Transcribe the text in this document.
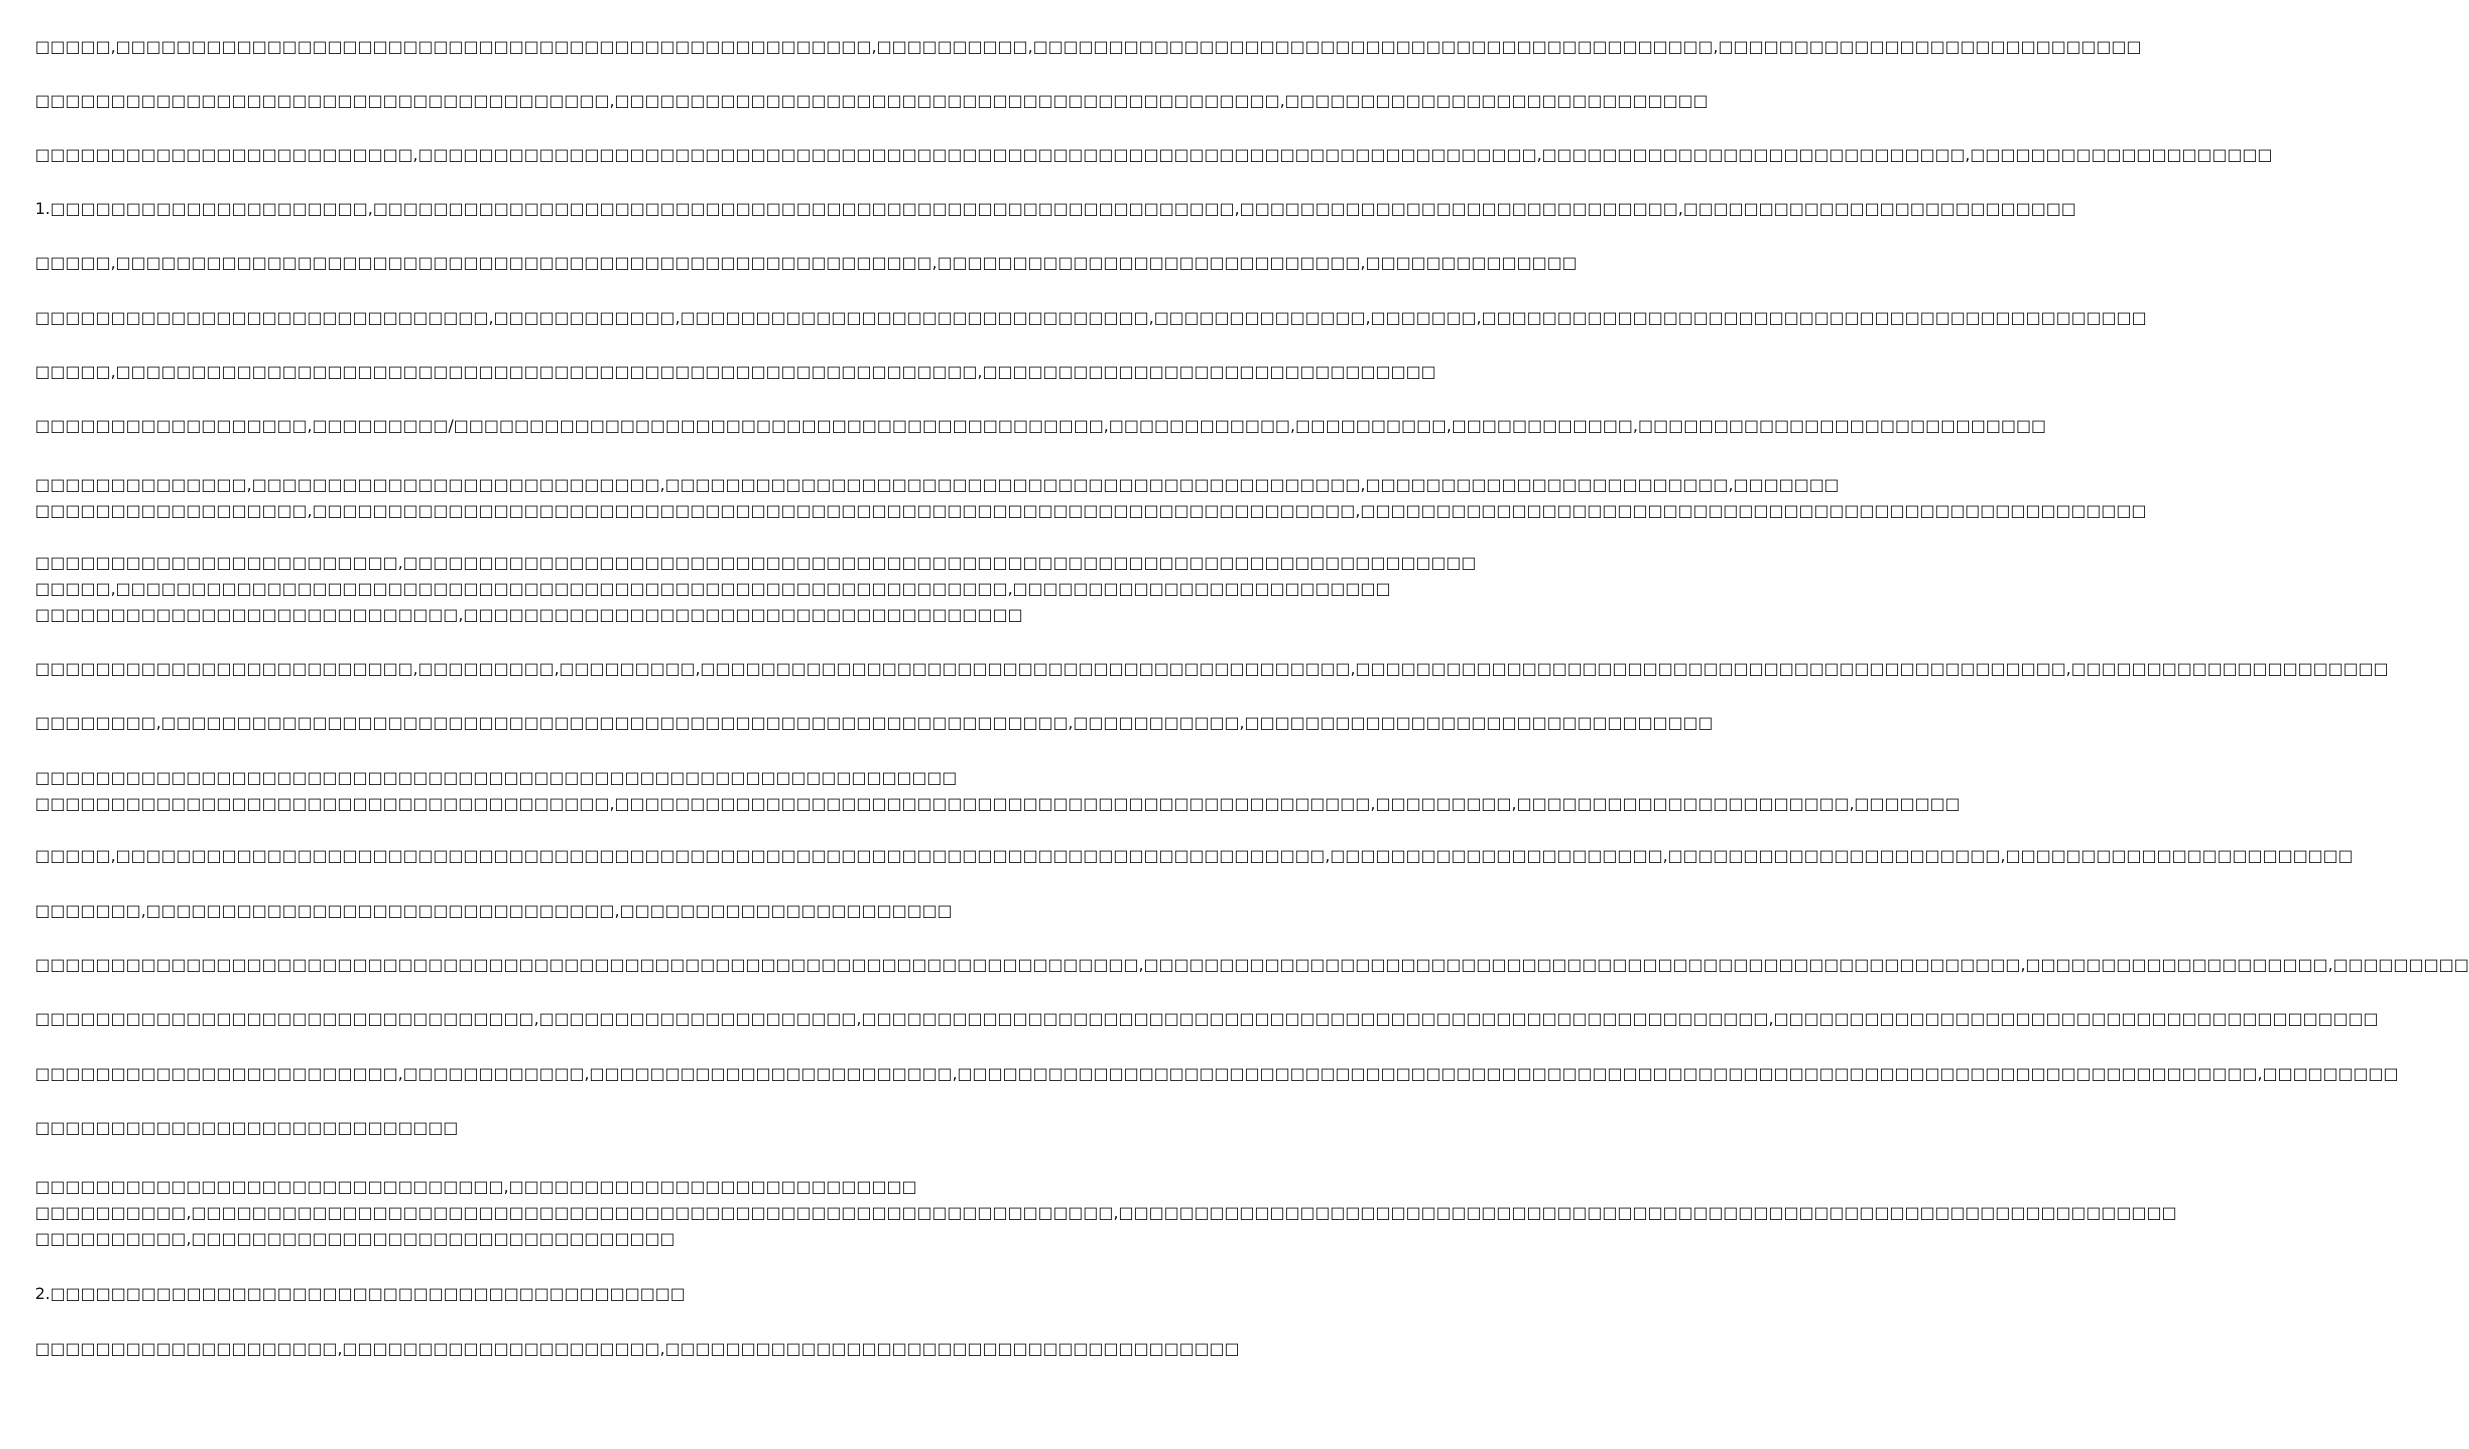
□□□□□,□□□□□□□□□□□□□□□□□□□□□□□□□□□□□□□□□□□□□□□□□□□□□□□□□□,□□□□□□□□□□,□□□□□□□□□□□□□□□□□□□□□□□□□□□□□□□□□□□□□□□□□□□□□,□□□□□□□□□□□□□□□□□□□□□□□□□□□□
□□□□□□□□□□□□□□□□□□□□□□□□□□□□□□□□□□□□□□,□□□□□□□□□□□□□□□□□□□□□□□□□□□□□□□□□□□□□□□□□□□□,□□□□□□□□□□□□□□□□□□□□□□□□□□□□
□□□□□□□□□□□□□□□□□□□□□□□□□,□□□□□□□□□□□□□□□□□□□□□□□□□□□□□□□□□□□□□□□□□□□□□□□□□□□□□□□□□□□□□□□□□□□□□□□□□□,□□□□□□□□□□□□□□□□□□□□□□□□□□□□,□□□□□□□□□□□□□□□□□□□□
1.□□□□□□□□□□□□□□□□□□□□□,□□□□□□□□□□□□□□□□□□□□□□□□□□□□□□□□□□□□□□□□□□□□□□□□□□□□□□□□□,□□□□□□□□□□□□□□□□□□□□□□□□□□□□□,□□□□□□□□□□□□□□□□□□□□□□□□□□
□□□□□,□□□□□□□□□□□□□□□□□□□□□□□□□□□□□□□□□□□□□□□□□□□□□□□□□□□□□□,□□□□□□□□□□□□□□□□□□□□□□□□□□□□,□□□□□□□□□□□□□□
□□□□□□□□□□□□□□□□□□□□□□□□□□□□□□,□□□□□□□□□□□□,□□□□□□□□□□□□□□□□□□□□□□□□□□□□□□□,□□□□□□□□□□□□□□,□□□□□□□,□□□□□□□□□□□□□□□□□□□□□□□□□□□□□□□□□□□□□□□□□□□□
□□□□□,□□□□□□□□□□□□□□□□□□□□□□□□□□□□□□□□□□□□□□□□□□□□□□□□□□□□□□□□□,□□□□□□□□□□□□□□□□□□□□□□□□□□□□□□
□□□□□□□□□□□□□□□□□□,□□□□□□□□□/□□□□□□□□□□□□□□□□□□□□□□□□□□□□□□□□□□□□□□□□□□□,□□□□□□□□□□□□,□□□□□□□□□□,□□□□□□□□□□□□,□□□□□□□□□□□□□□□□□□□□□□□□□□□
□□□□□□□□□□□□□□,□□□□□□□□□□□□□□□□□□□□□□□□□□□,□□□□□□□□□□□□□□□□□□□□□□□□□□□□□□□□□□□□□□□□□□□□□□,□□□□□□□□□□□□□□□□□□□□□□□□,□□□□□□□
□□□□□□□□□□□□□□□□□□,□□□□□□□□□□□□□□□□□□□□□□□□□□□□□□□□□□□□□□□□□□□□□□□□□□□□□□□□□□□□□□□□□□□□□,□□□□□□□□□□□□□□□□□□□□□□□□□□□□□□□□□□□□□□□□□□□□□□□□□□□□
□□□□□□□□□□□□□□□□□□□□□□□□,□□□□□□□□□□□□□□□□□□□□□□□□□□□□□□□□□□□□□□□□□□□□□□□□□□□□□□□□□□□□□□□□□□□□□□□
□□□□□,□□□□□□□□□□□□□□□□□□□□□□□□□□□□□□□□□□□□□□□□□□□□□□□□□□□□□□□□□□□,□□□□□□□□□□□□□□□□□□□□□□□□□
□□□□□□□□□□□□□□□□□□□□□□□□□□□□,□□□□□□□□□□□□□□□□□□□□□□□□□□□□□□□□□□□□□
□□□□□□□□□□□□□□□□□□□□□□□□□,□□□□□□□□□,□□□□□□□□□,□□□□□□□□□□□□□□□□□□□□□□□□□□□□□□□□□□□□□□□□□□□,□□□□□□□□□□□□□□□□□□□□□□□□□□□□□□□□□□□□□□□□□□□□□□□,□□□□□□□□□□□□□□□□□□□□□
□□□□□□□□,□□□□□□□□□□□□□□□□□□□□□□□□□□□□□□□□□□□□□□□□□□□□□□□□□□□□□□□□□□□□,□□□□□□□□□□□,□□□□□□□□□□□□□□□□□□□□□□□□□□□□□□□
□□□□□□□□□□□□□□□□□□□□□□□□□□□□□□□□□□□□□□□□□□□□□□□□□□□□□□□□□□□□□
□□□□□□□□□□□□□□□□□□□□□□□□□□□□□□□□□□□□□□,□□□□□□□□□□□□□□□□□□□□□□□□□□□□□□□□□□□□□□□□□□□□□□□□□□,□□□□□□□□□,□□□□□□□□□□□□□□□□□□□□□□,□□□□□□□
□□□□□,□□□□□□□□□□□□□□□□□□□□□□□□□□□□□□□□□□□□□□□□□□□□□□□□□□□□□□□□□□□□□□□□□□□□□□□□□□□□□□□□,□□□□□□□□□□□□□□□□□□□□□□,□□□□□□□□□□□□□□□□□□□□□□,□□□□□□□□□□□□□□□□□□□□□□□
□□□□□□□,□□□□□□□□□□□□□□□□□□□□□□□□□□□□□□□,□□□□□□□□□□□□□□□□□□□□□□
□□□□□□□□□□□□□□□□□□□□□□□□□□□□□□□□□□□□□□□□□□□□□□□□□□□□□□□□□□□□□□□□□□□□□□□□□,□□□□□□□□□□□□□□□□□□□□□□□□□□□□□□□□□□□□□□□□□□□□□□□□□□□□□□□□□□,□□□□□□□□□□□□□□□□□□□□,□□□□□□□□□
□□□□□□□□□□□□□□□□□□□□□□□□□□□□□□□□□,□□□□□□□□□□□□□□□□□□□□□,□□□□□□□□□□□□□□□□□□□□□□□□□□□□□□□□□□□□□□□□□□□□□□□□□□□□□□□□□□□□,□□□□□□□□□□□□□□□□□□□□□□□□□□□□□□□□□□□□□□□□
□□□□□□□□□□□□□□□□□□□□□□□□,□□□□□□□□□□□□,□□□□□□□□□□□□□□□□□□□□□□□□,□□□□□□□□□□□□□□□□□□□□□□□□□□□□□□□□□□□□□□□□□□□□□□□□□□□□□□□□□□□□□□□□□□□□□□□□□□□□□□□□□□□□□□,□□□□□□□□□
□□□□□□□□□□□□□□□□□□□□□□□□□□□□
□□□□□□□□□□□□□□□□□□□□□□□□□□□□□□□,□□□□□□□□□□□□□□□□□□□□□□□□□□□
□□□□□□□□□□,□□□□□□□□□□□□□□□□□□□□□□□□□□□□□□□□□□□□□□□□□□□□□□□□□□□□□□□□□□□□□,□□□□□□□□□□□□□□□□□□□□□□□□□□□□□□□□□□□□□□□□□□□□□□□□□□□□□□□□□□□□□□□□□□□□□□
□□□□□□□□□□,□□□□□□□□□□□□□□□□□□□□□□□□□□□□□□□□
2.□□□□□□□□□□□□□□□□□□□□□□□□□□□□□□□□□□□□□□□□□□
□□□□□□□□□□□□□□□□□□□□,□□□□□□□□□□□□□□□□□□□□□,□□□□□□□□□□□□□□□□□□□□□□□□□□□□□□□□□□□□□□
